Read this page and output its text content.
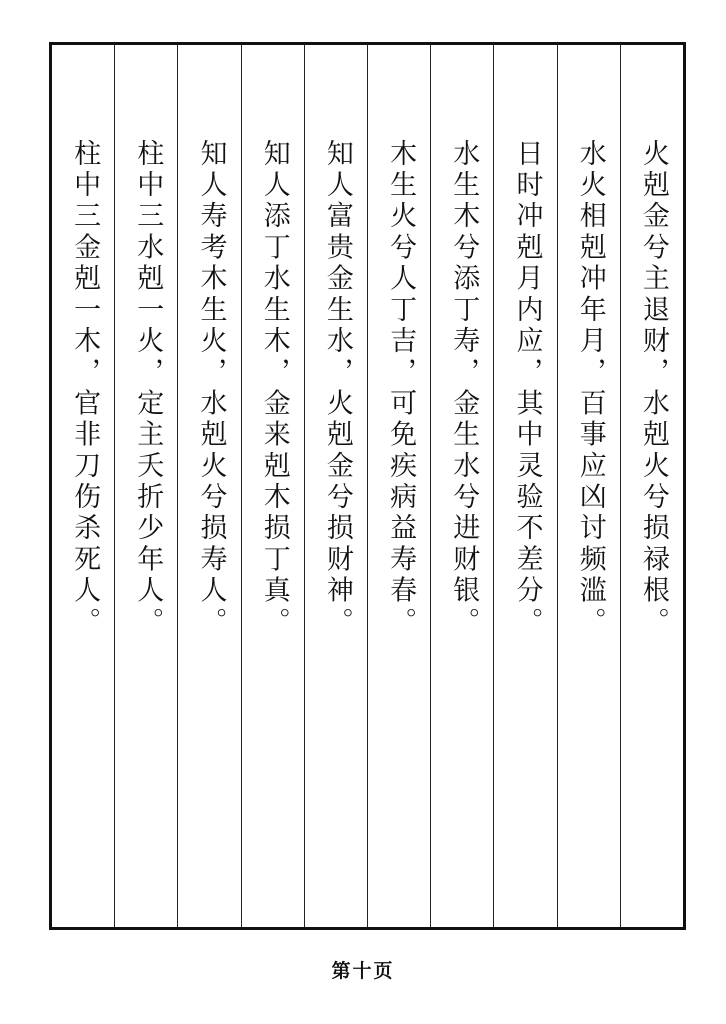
火剋金兮主退财，水剋火兮损禄根。
水火相剋冲年月，百事应凶讨频滥。
日时冲剋月内应，其中灵验不差分。
水生木兮添丁寿，金生水兮进财银。
木生火兮人丁吉，可免疾病益寿春。
知人富贵金生水，火剋金兮损财神。
知人添丁水生木，金来剋木损丁真。
知人寿考木生火，水剋火兮损寿人。
柱中三水剋一火，定主夭折少年人。
柱中三金剋一木，官非刀伤杀死人。
第十页
